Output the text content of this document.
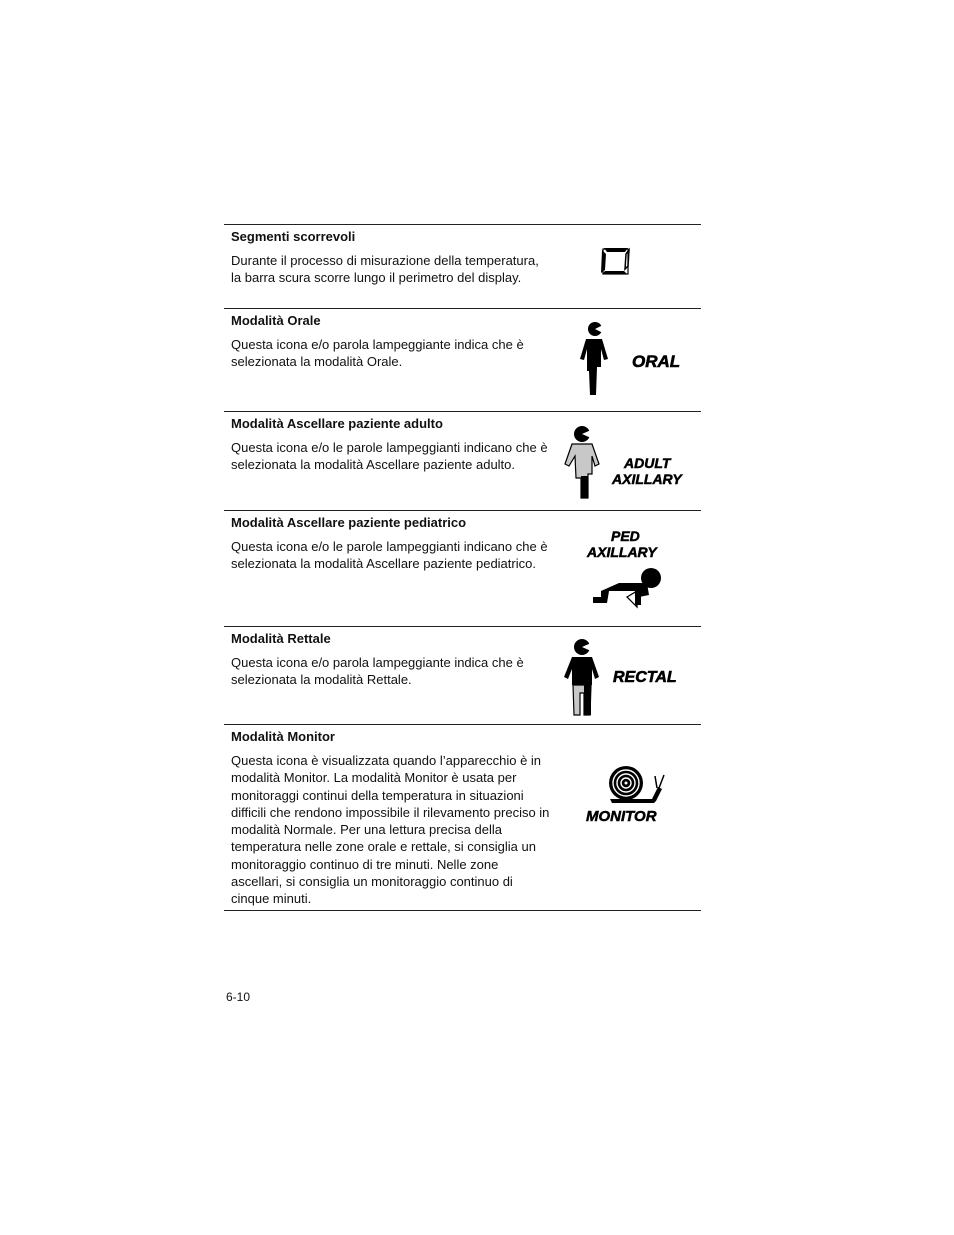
Segmenti scorrevoli

Durante il processo di misurazione della temperatura, la barra scura scorre lungo il perimetro del display.

Modalità Orale

Questa icona e/o parola lampeggiante indica che è selezionata la modalità Orale.	ORAL

Modalità Ascellare paziente adulto

Questa icona e/o le parole lampeggianti indicano che è selezionata la modalità Ascellare paziente adulto.	ADULT
AXILLARY

Modalità Ascellare paziente pediatrico

Questa icona e/o le parole lampeggianti indicano che è selezionata la modalità Ascellare paziente pediatrico.

PED
AXILLARY

Modalità Rettale

Questa icona e/o parola lampeggiante indica che è selezionata la modalità Rettale.	RECTAL

Modalità Monitor

Questa icona è visualizzata quando l’apparecchio è in modalità Monitor. La modalità Monitor è usata per monitoraggi continui della temperatura in situazioni difficili che rendono impossibile il rilevamento preciso in modalità Normale. Per una lettura precisa della temperatura nelle zone orale e rettale, si consiglia un monitoraggio continuo di tre minuti. Nelle zone ascellari, si consiglia un monitoraggio continuo di cinque minuti.

MONITOR
6-10
